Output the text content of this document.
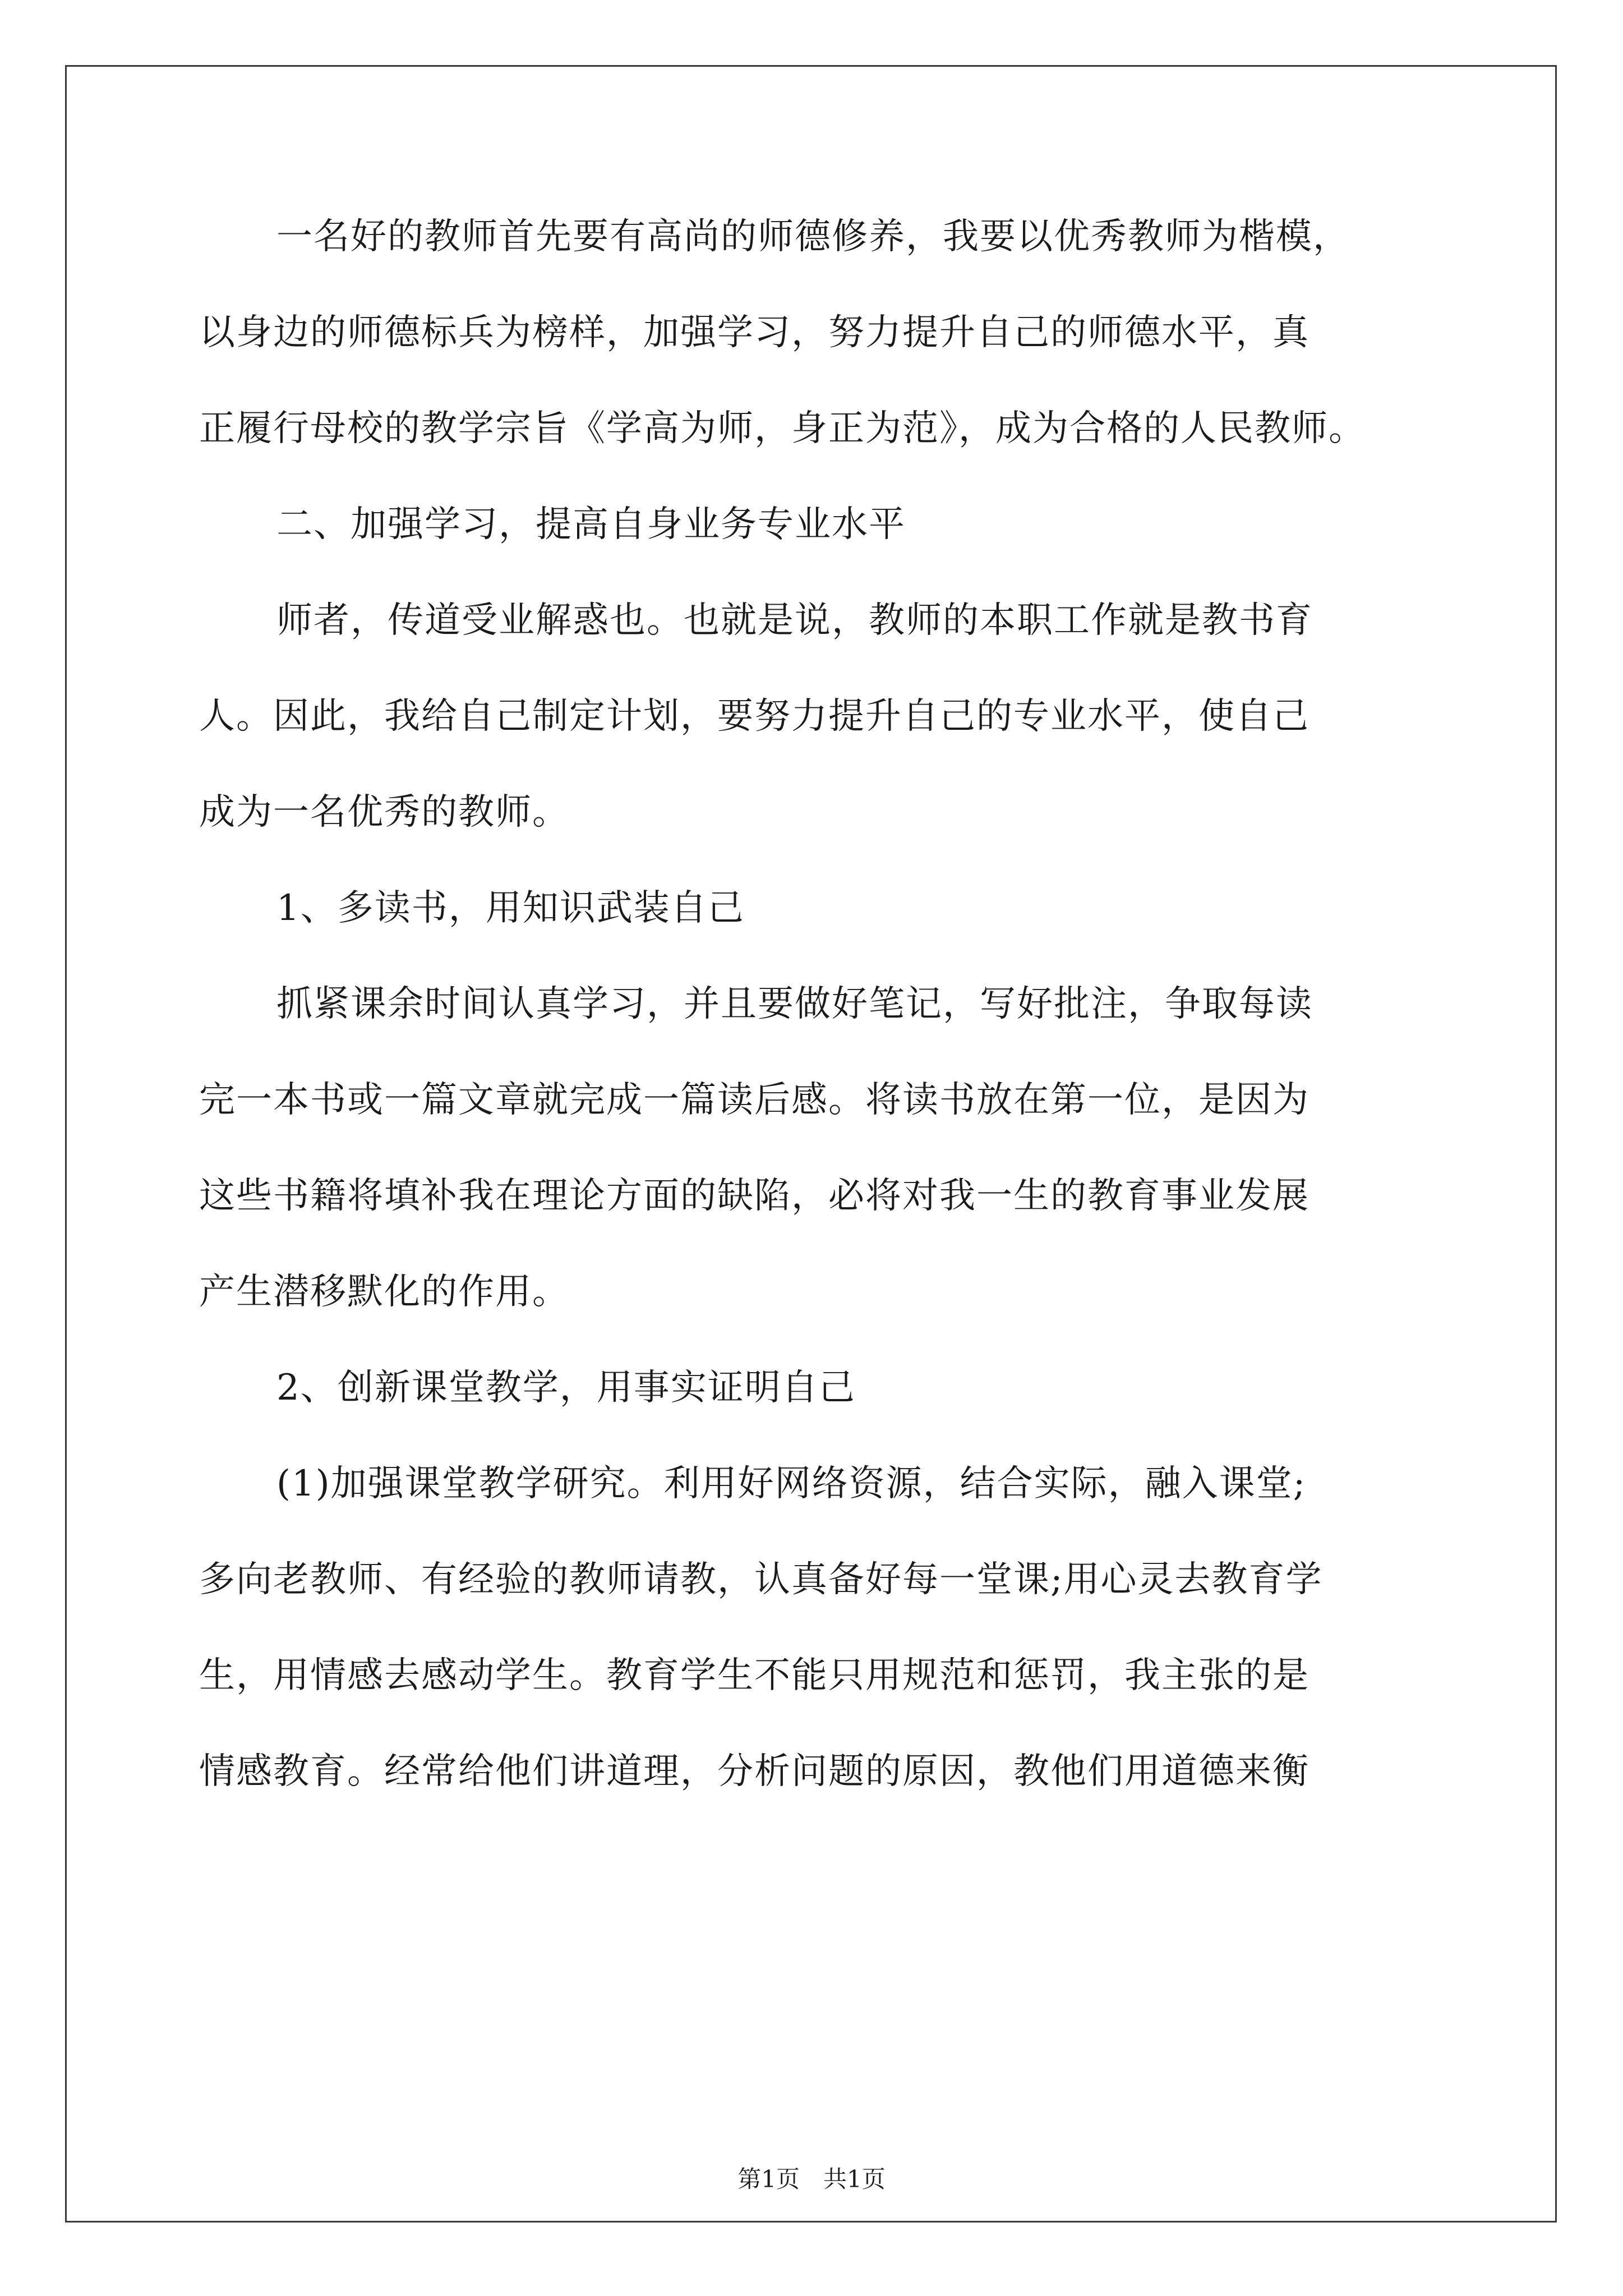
一名好的教师首先要有高尚的师德修养，我要以优秀教师为楷模，
以身边的师德标兵为榜样，加强学习，努力提升自己的师德水平，真
正履行母校的教学宗旨《学高为师，身正为范》，成为合格的人民教师。
二、加强学习，提高自身业务专业水平
师者，传道受业解惑也。也就是说，教师的本职工作就是教书育
人。因此，我给自己制定计划，要努力提升自己的专业水平，使自己
成为一名优秀的教师。
1、多读书，用知识武装自己
抓紧课余时间认真学习，并且要做好笔记，写好批注，争取每读
完一本书或一篇文章就完成一篇读后感。将读书放在第一位，是因为
这些书籍将填补我在理论方面的缺陷，必将对我一生的教育事业发展
产生潜移默化的作用。
2、创新课堂教学，用事实证明自己
(1)加强课堂教学研究。利用好网络资源，结合实际，融入课堂;
多向老教师、有经验的教师请教，认真备好每一堂课;用心灵去教育学
生，用情感去感动学生。教育学生不能只用规范和惩罚，我主张的是
情感教育。经常给他们讲道理，分析问题的原因，教他们用道德来衡
第1页 共1页
